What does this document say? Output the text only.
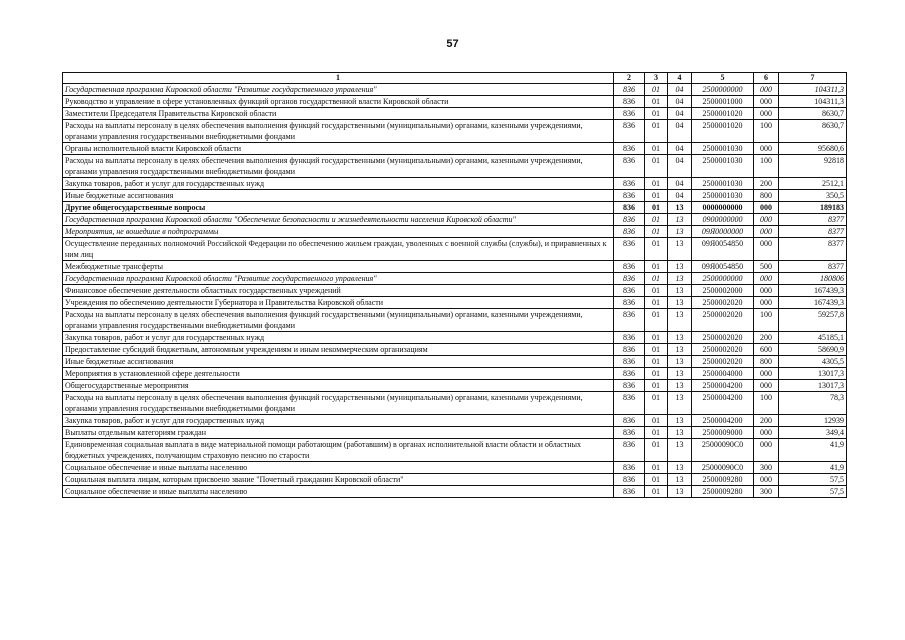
57
1	2	3	4	5	6	7
Государственная программа Кировской области "Развитие государственного управления"	836	01	04	2500000000	000	104311,3
Руководство и управление в сфере установленных функций органов государственной власти Кировской области	836	01	04	2500001000	000	104311,3
Заместители Председателя Правительства Кировской области	836	01	04	2500001020	000	8630,7
Расходы на выплаты персоналу в целях обеспечения выполнения функций государственными (муниципальными) органами, казенными учреждениями, органами управления государственными внебюджетными фондами	836	01	04	2500001020	100	8630,7
Органы исполнительной власти Кировской области	836	01	04	2500001030	000	95680,6
Расходы на выплаты персоналу в целях обеспечения выполнения функций государственными (муниципальными) органами, казенными учреждениями, органами управления государственными внебюджетными фондами	836	01	04	2500001030	100	92818
Закупка товаров, работ и услуг для государственных нужд	836	01	04	2500001030	200	2512,1
Иные бюджетные ассигнования	836	01	04	2500001030	800	350,5
Другие общегосударственные вопросы	836	01	13	0000000000	000	189183
Государственная программа Кировской области "Обеспечение безопасности и жизнедеятельности населения Кировской области"	836	01	13	0900000000	000	8377
Мероприятия, не вошедшие в подпрограммы	836	01	13	09Я0000000	000	8377
Осуществление переданных полномочий Российской Федерации по обеспечению жильем граждан, уволенных с военной службы (службы), и приравненных к ним лиц	836	01	13	09Я0054850	000	8377
Межбюджетные трансферты	836	01	13	09Я0054850	500	8377
Государственная программа Кировской области "Развитие государственного управления"	836	01	13	2500000000	000	180806
Финансовое обеспечение деятельности областных государственных учреждений	836	01	13	2500002000	000	167439,3
Учреждения по обеспечению деятельности Губернатора и Правительства Кировской области	836	01	13	2500002020	000	167439,3
Расходы на выплаты персоналу в целях обеспечения выполнения функций государственными (муниципальными) органами, казенными учреждениями, органами управления государственными внебюджетными фондами	836	01	13	2500002020	100	59257,8
Закупка товаров, работ и услуг для государственных нужд	836	01	13	2500002020	200	45185,1
Предоставление субсидий бюджетным, автономным учреждениям и иным некоммерческим организациям	836	01	13	2500002020	600	58690,9
Иные бюджетные ассигнования	836	01	13	2500002020	800	4305,5
Мероприятия в установленной сфере деятельности	836	01	13	2500004000	000	13017,3
Общегосударственные мероприятия	836	01	13	2500004200	000	13017,3
Расходы на выплаты персоналу в целях обеспечения выполнения функций государственными (муниципальными) органами, казенными учреждениями, органами управления государственными внебюджетными фондами	836	01	13	2500004200	100	78,3
Закупка товаров, работ и услуг для государственных нужд	836	01	13	2500004200	200	12939
Выплаты отдельным категориям граждан	836	01	13	2500009000	000	349,4
Единовременная социальная выплата в виде материальной помощи работающим (работавшим) в органах исполнительной власти области и областных бюджетных учреждениях, получающим страховую пенсию по старости	836	01	13	25000090С0	000	41,9
Социальное обеспечение и иные выплаты населению	836	01	13	25000090С0	300	41,9
Социальная выплата лицам, которым присвоено звание "Почетный гражданин Кировской области"	836	01	13	2500009280	000	57,5
Социальное обеспечение и иные выплаты населению	836	01	13	2500009280	300	57,5
